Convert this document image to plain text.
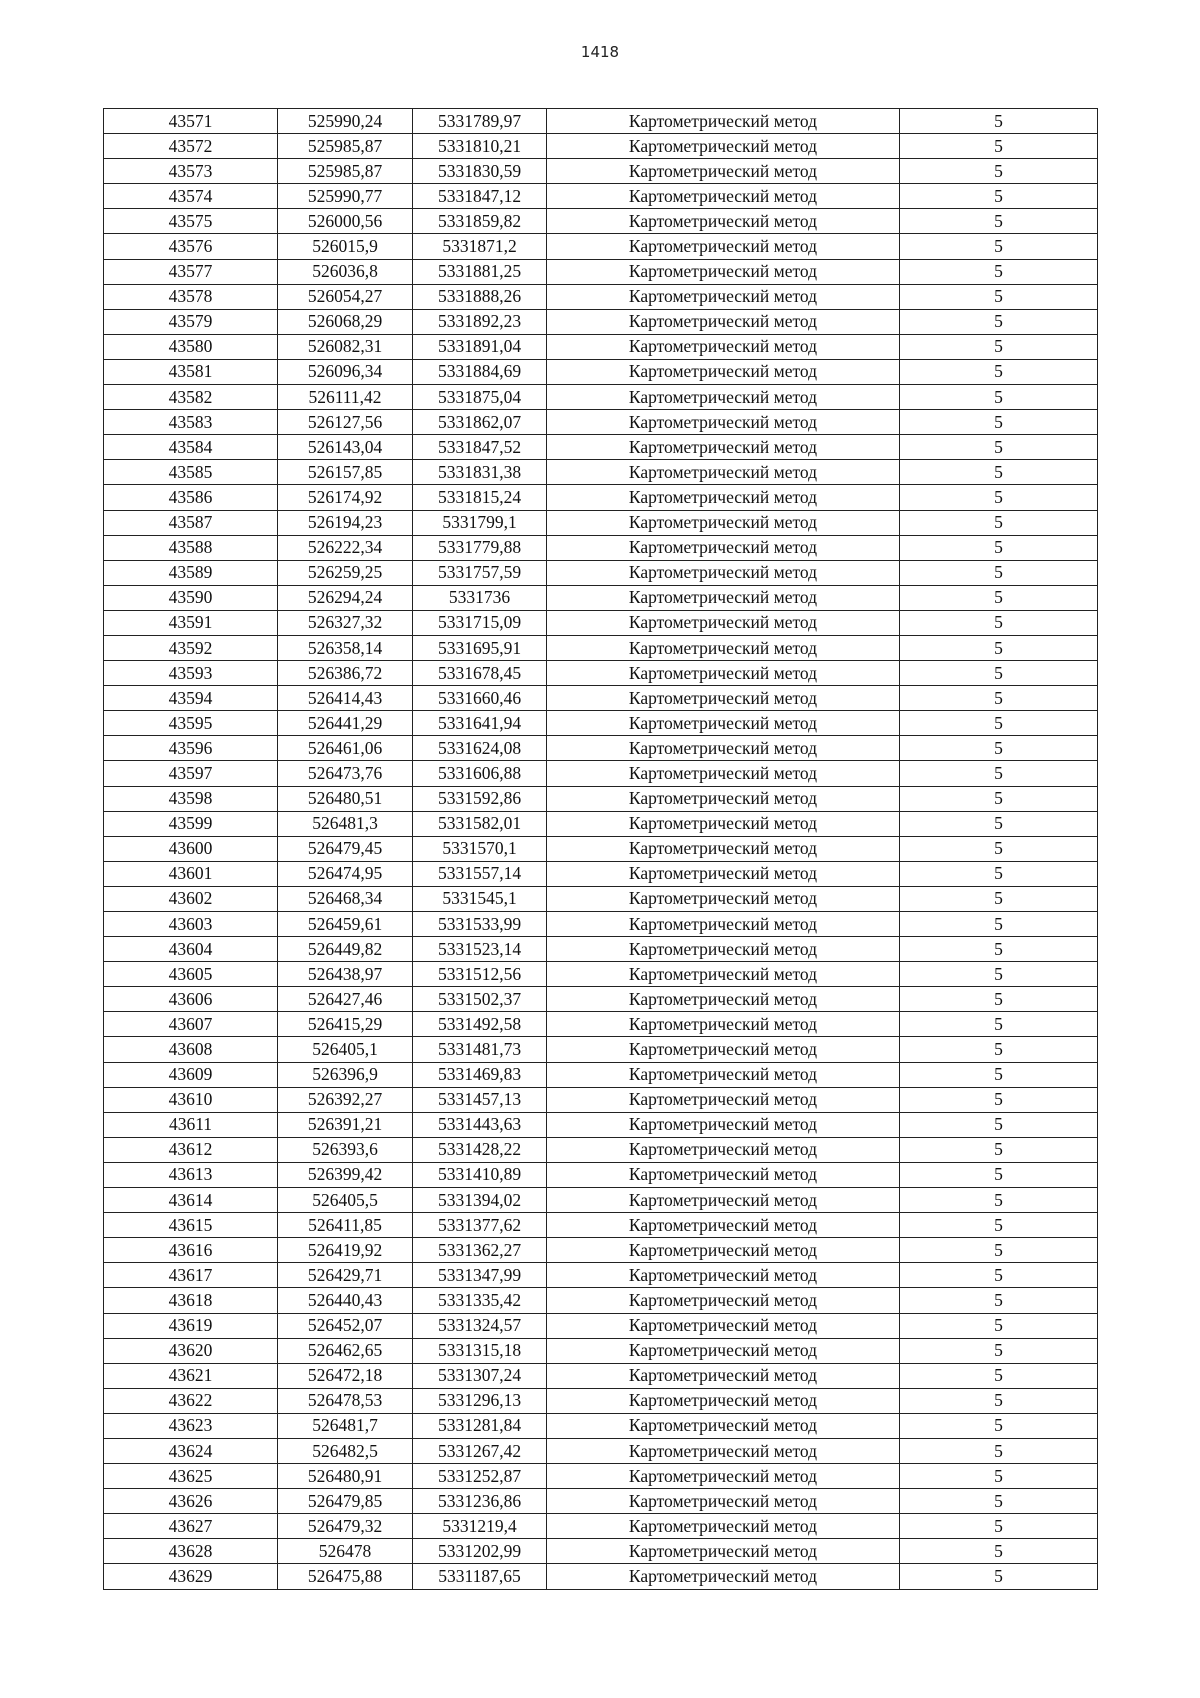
1418
43571	525990,24	5331789,97	Картометрический метод	5
43572	525985,87	5331810,21	Картометрический метод	5
43573	525985,87	5331830,59	Картометрический метод	5
43574	525990,77	5331847,12	Картометрический метод	5
43575	526000,56	5331859,82	Картометрический метод	5
43576	526015,9	5331871,2	Картометрический метод	5
43577	526036,8	5331881,25	Картометрический метод	5
43578	526054,27	5331888,26	Картометрический метод	5
43579	526068,29	5331892,23	Картометрический метод	5
43580	526082,31	5331891,04	Картометрический метод	5
43581	526096,34	5331884,69	Картометрический метод	5
43582	526111,42	5331875,04	Картометрический метод	5
43583	526127,56	5331862,07	Картометрический метод	5
43584	526143,04	5331847,52	Картометрический метод	5
43585	526157,85	5331831,38	Картометрический метод	5
43586	526174,92	5331815,24	Картометрический метод	5
43587	526194,23	5331799,1	Картометрический метод	5
43588	526222,34	5331779,88	Картометрический метод	5
43589	526259,25	5331757,59	Картометрический метод	5
43590	526294,24	5331736	Картометрический метод	5
43591	526327,32	5331715,09	Картометрический метод	5
43592	526358,14	5331695,91	Картометрический метод	5
43593	526386,72	5331678,45	Картометрический метод	5
43594	526414,43	5331660,46	Картометрический метод	5
43595	526441,29	5331641,94	Картометрический метод	5
43596	526461,06	5331624,08	Картометрический метод	5
43597	526473,76	5331606,88	Картометрический метод	5
43598	526480,51	5331592,86	Картометрический метод	5
43599	526481,3	5331582,01	Картометрический метод	5
43600	526479,45	5331570,1	Картометрический метод	5
43601	526474,95	5331557,14	Картометрический метод	5
43602	526468,34	5331545,1	Картометрический метод	5
43603	526459,61	5331533,99	Картометрический метод	5
43604	526449,82	5331523,14	Картометрический метод	5
43605	526438,97	5331512,56	Картометрический метод	5
43606	526427,46	5331502,37	Картометрический метод	5
43607	526415,29	5331492,58	Картометрический метод	5
43608	526405,1	5331481,73	Картометрический метод	5
43609	526396,9	5331469,83	Картометрический метод	5
43610	526392,27	5331457,13	Картометрический метод	5
43611	526391,21	5331443,63	Картометрический метод	5
43612	526393,6	5331428,22	Картометрический метод	5
43613	526399,42	5331410,89	Картометрический метод	5
43614	526405,5	5331394,02	Картометрический метод	5
43615	526411,85	5331377,62	Картометрический метод	5
43616	526419,92	5331362,27	Картометрический метод	5
43617	526429,71	5331347,99	Картометрический метод	5
43618	526440,43	5331335,42	Картометрический метод	5
43619	526452,07	5331324,57	Картометрический метод	5
43620	526462,65	5331315,18	Картометрический метод	5
43621	526472,18	5331307,24	Картометрический метод	5
43622	526478,53	5331296,13	Картометрический метод	5
43623	526481,7	5331281,84	Картометрический метод	5
43624	526482,5	5331267,42	Картометрический метод	5
43625	526480,91	5331252,87	Картометрический метод	5
43626	526479,85	5331236,86	Картометрический метод	5
43627	526479,32	5331219,4	Картометрический метод	5
43628	526478	5331202,99	Картометрический метод	5
43629	526475,88	5331187,65	Картометрический метод	5
